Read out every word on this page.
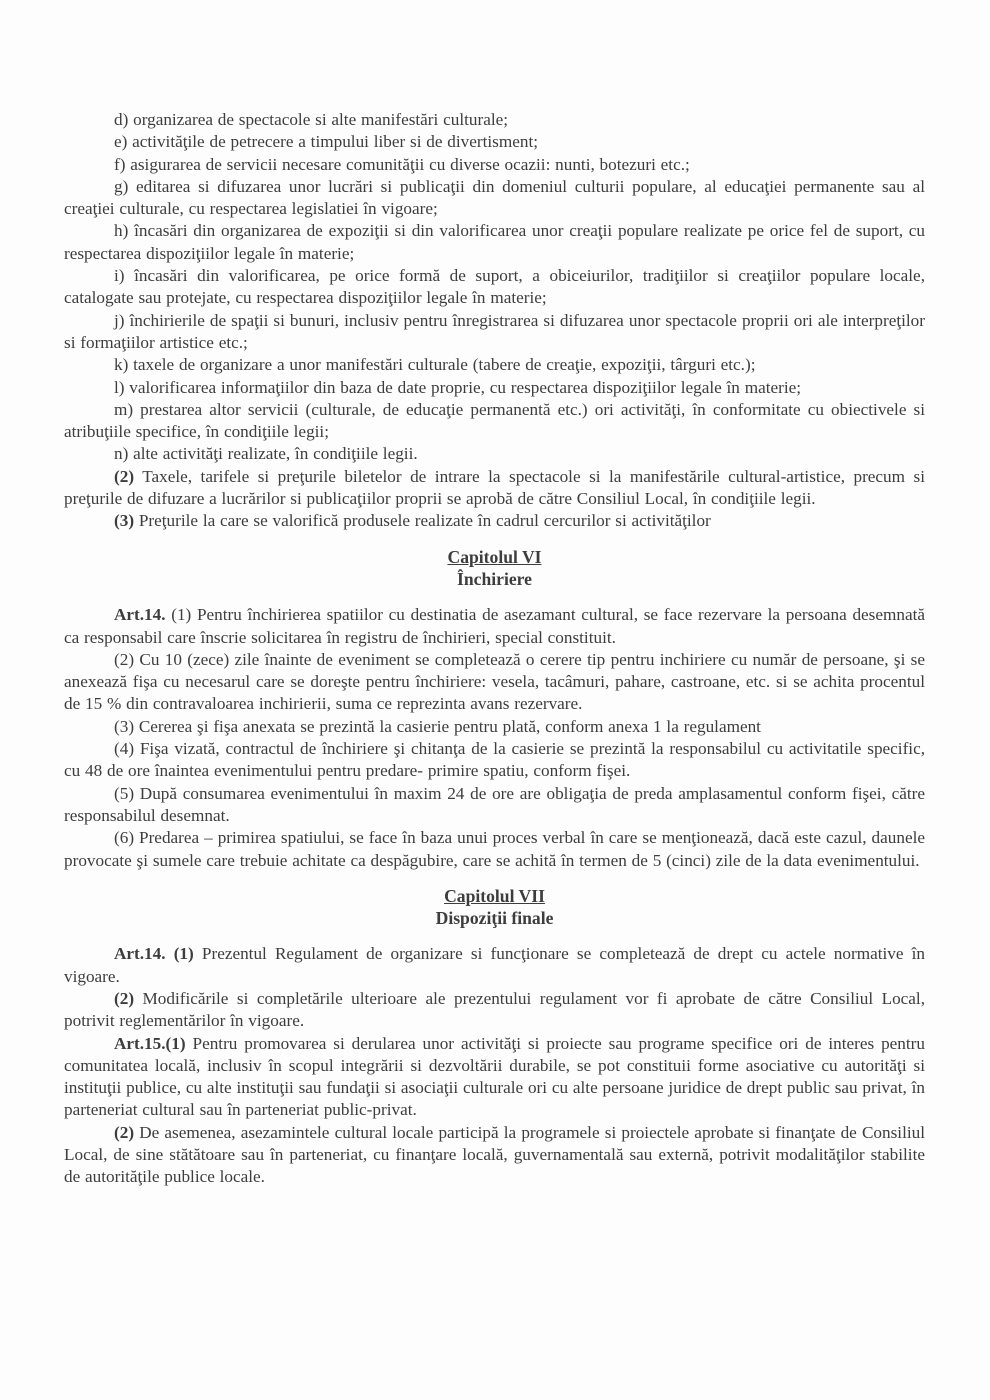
d) organizarea de spectacole si alte manifestări culturale;

e) activităţile de petrecere a timpului liber si de divertisment;

f) asigurarea de servicii necesare comunităţii cu diverse ocazii: nunti, botezuri etc.;

g) editarea si difuzarea unor lucrări si publicaţii din domeniul culturii populare, al educaţiei permanente sau al creaţiei culturale, cu respectarea legislatiei în vigoare;

h) încasări din organizarea de expoziţii si din valorificarea unor creaţii populare realizate pe orice fel de suport, cu respectarea dispoziţiilor legale în materie;

i) încasări din valorificarea, pe orice formă de suport, a obiceiurilor, tradiţiilor si creaţiilor populare locale, catalogate sau protejate, cu respectarea dispoziţiilor legale în materie;

j) închirierile de spaţii si bunuri, inclusiv pentru înregistrarea si difuzarea unor spectacole proprii ori ale interpreţilor si formaţiilor artistice etc.;

k) taxele de organizare a unor manifestări culturale (tabere de creaţie, expoziţii, târguri etc.);

l) valorificarea informaţiilor din baza de date proprie, cu respectarea dispoziţiilor legale în materie;

m) prestarea altor servicii (culturale, de educaţie permanentă etc.) ori activităţi, în conformitate cu obiectivele si atribuţiile specifice, în condiţiile legii;

n) alte activităţi realizate, în condiţiile legii.

(2) Taxele, tarifele si preţurile biletelor de intrare la spectacole si la manifestările cultural-artistice, precum si preţurile de difuzare a lucrărilor si publicaţiilor proprii se aprobă de către Consiliul Local, în condiţiile legii.

(3) Preţurile la care se valorifică produsele realizate în cadrul cercurilor si activităţilor

Capitolul VI

Închiriere

Art.14. (1) Pentru închirierea spatiilor cu destinatia de asezamant cultural, se face rezervare la persoana desemnată ca responsabil care înscrie solicitarea în registru de închirieri, special constituit.

(2) Cu 10 (zece) zile înainte de eveniment se completează o cerere tip pentru inchiriere cu număr de persoane, şi se anexează fişa cu necesarul care se doreşte pentru închiriere: vesela, tacâmuri, pahare, castroane, etc. si se achita procentul de 15 % din contravaloarea inchirierii, suma ce reprezinta avans rezervare.

(3) Cererea şi fişa anexata se prezintă la casierie pentru plată, conform anexa 1 la regulament

(4) Fişa vizată, contractul de închiriere şi chitanţa de la casierie se prezintă la responsabilul cu activitatile specific, cu 48 de ore înaintea evenimentului pentru predare- primire spatiu, conform fişei.

(5) După consumarea evenimentului în maxim 24 de ore are obligaţia de preda amplasamentul conform fişei, către responsabilul desemnat.

(6) Predarea – primirea spatiului, se face în baza unui proces verbal în care se menţionează, dacă este cazul, daunele provocate şi sumele care trebuie achitate ca despăgubire, care se achită în termen de 5 (cinci) zile de la data evenimentului.

Capitolul VII

Dispoziţii finale

Art.14. (1) Prezentul Regulament de organizare si funcţionare se completează de drept cu actele normative în vigoare.

(2) Modificările si completările ulterioare ale prezentului regulament vor fi aprobate de către Consiliul Local, potrivit reglementărilor în vigoare.

Art.15.(1) Pentru promovarea si derularea unor activităţi si proiecte sau programe specifice ori de interes pentru comunitatea locală, inclusiv în scopul integrării si dezvoltării durabile, se pot constituii forme asociative cu autorităţi si instituţii publice, cu alte instituţii sau fundaţii si asociaţii culturale ori cu alte persoane juridice de drept public sau privat, în parteneriat cultural sau în parteneriat public-privat.

(2) De asemenea, asezamintele cultural locale participă la programele si proiectele aprobate si finanţate de Consiliul Local, de sine stătătoare sau în parteneriat, cu finanţare locală, guvernamentală sau externă, potrivit modalităţilor stabilite de autorităţile publice locale.
